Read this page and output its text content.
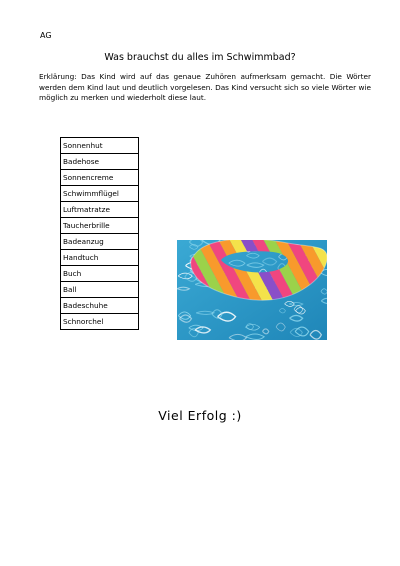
AG
Was brauchst du alles im Schwimmbad?
Erklärung: Das Kind wird auf das genaue Zuhören aufmerksam gemacht. Die Wörter werden dem Kind laut und deutlich vorgelesen. Das Kind versucht sich so viele Wörter wie möglich zu merken und wiederholt diese laut.
Sonnenhut
Badehose
Sonnencreme
Schwimmflügel
Luftmatratze
Taucherbrille
Badeanzug
Handtuch
Buch
Ball
Badeschuhe
Schnorchel
Viel Erfolg :)
